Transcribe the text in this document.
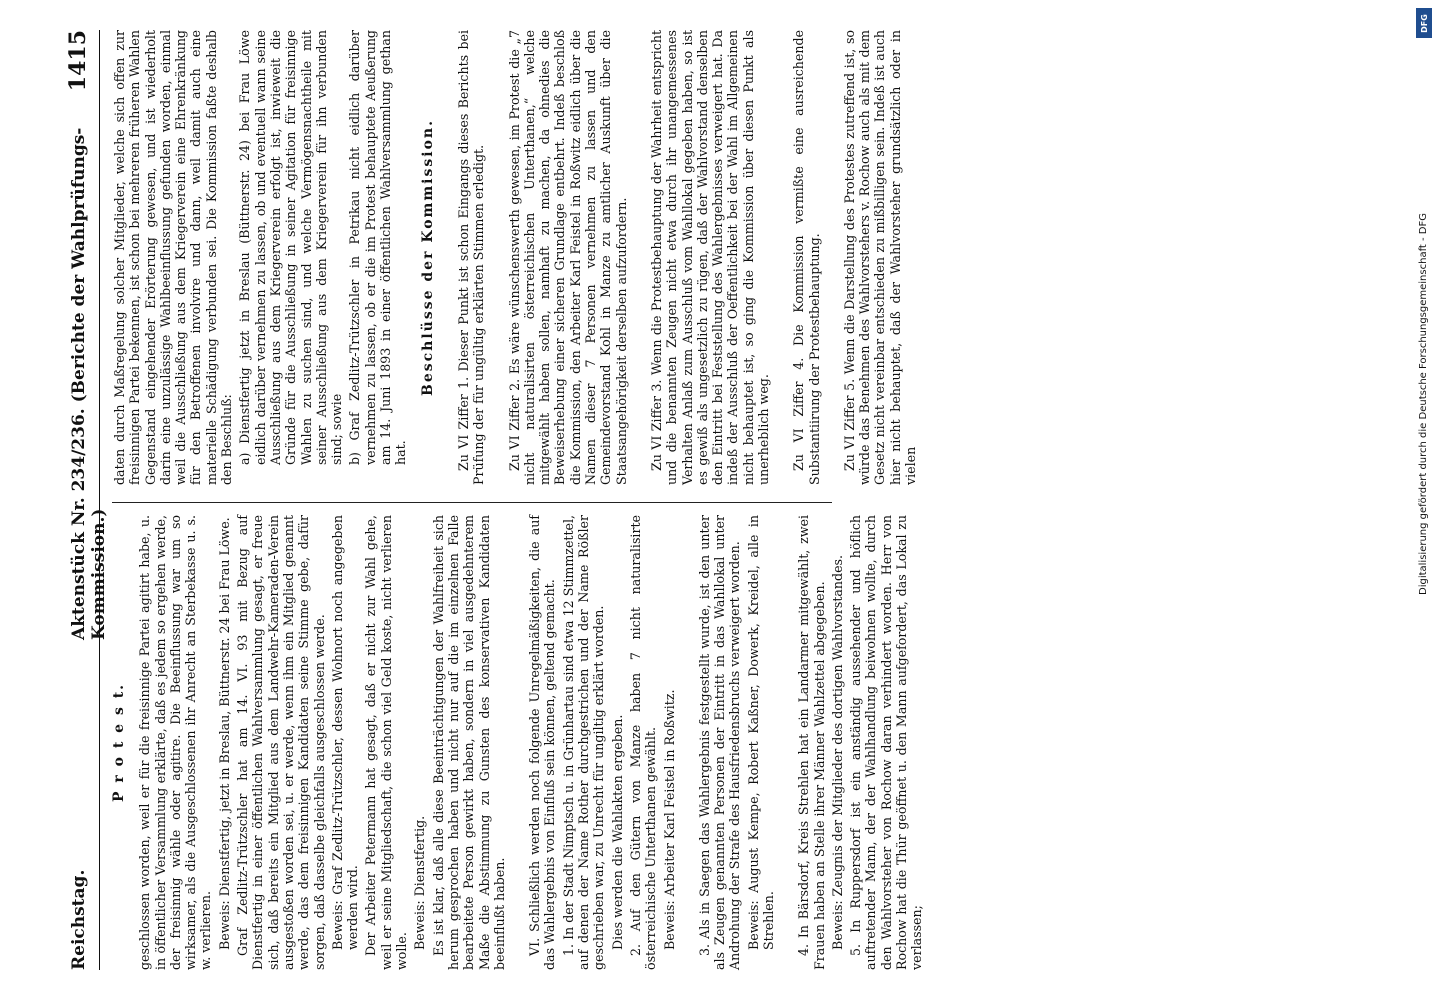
Reichstag.
Aktenstück Nr. 234/236. (Berichte der Wahlprüfungs-Kommission.)
1415
P r o t e s t. geschlossen worden, weil er für die freisinnige Partei agitirt habe, u. in öffentlicher Versammlung erklärte, daß es jedem so ergehen werde, der freisinnig wähle oder agitire. Die Beeinflussung war um so wirksamer, als die Ausgeschlossenen ihr Anrecht an Sterbekasse u. s. w. verlieren. Beweis: Dienstfertig, jetzt in Breslau, Büttnerstr. 24 bei Frau Löwe. Graf Zedlitz-Trützschler hat am 14. VI. 93 mit Bezug auf Dienstfertig in einer öffentlichen Wahlversammlung gesagt, er freue sich, daß bereits ein Mitglied aus dem Landwehr-Kameraden-Verein ausgestoßen worden sei, u. er werde, wenn ihm ein Mitglied genannt werde, das dem freisinnigen Kandidaten seine Stimme gebe, dafür sorgen, daß dasselbe gleichfalls ausgeschlossen werde. Beweis: Graf Zedlitz-Trützschler, dessen Wohnort noch angegeben werden wird. Der Arbeiter Petermann hat gesagt, daß er nicht zur Wahl gehe, weil er seine Mitgliedschaft, die schon viel Geld koste, nicht verlieren wolle.

Beweis: Dienstfertig. Es ist klar, daß alle diese Beeinträchtigungen der Wahlfreiheit sich herum gesprochen haben und nicht nur auf die im einzelnen Falle bearbeitete Person gewirkt haben, sondern in viel ausgedehnterem Maße die Abstimmung zu Gunsten des konservativen Kandidaten beeinflußt haben. VI. Schließlich werden noch folgende Unregelmäßigkeiten, die auf das Wahlergebnis von Einfluß sein können, geltend gemacht. 1. In der Stadt Nimptsch u. in Grünhartau sind etwa 12 Stimmzettel, auf denen der Name Rother durchgestrichen und der Name Rößler geschrieben war, zu Unrecht für ungiltig erklärt worden. Dies werden die Wahlakten ergeben. 2. Auf den Gütern von Manze haben 7 nicht naturalisirte österreichische Unterthanen gewählt. Beweis: Arbeiter Karl Feistel in Roßwitz. 3. Als in Saegen das Wahlergebnis festgestellt wurde, ist den unter als Zeugen genannten Personen der Eintritt in das Wahllokal unter Androhung der Strafe des Hausfriedensbruchs verweigert worden. Beweis: August Kempe, Robert Kaßner, Dowerk, Kreidel, alle in Strehlen. 4. In Bärsdorf, Kreis Strehlen hat ein Landarmer mitgewählt, zwei Frauen haben an Stelle ihrer Männer Wahlzettel abgegeben. Beweis: Zeugnis der Mitglieder des dortigen Wahlvorstandes. 5. In Ruppersdorf ist ein anständig aussehender und höflich auftretender Mann, der der Wahlhandlung beiwohnen wollte, durch den Wahlvorsteher von Rochow daran verhindert worden. Herr von Rochow hat die Thür geöffnet u. den Mann aufgefordert, das Lokal zu verlassen;

daten durch Maßregelung solcher Mitglieder, welche sich offen zur freisinnigen Partei bekennen, ist schon bei mehreren früheren Wahlen Gegenstand eingehender Erörterung gewesen, und ist wiederholt darin eine unzulässige Wahlbeeinflussung gefunden worden, einmal weil die Ausschließung aus dem Kriegerverein eine Ehrenkränkung für den Betroffenen involvire und dann, weil damit auch eine materielle Schädigung verbunden sei. Die Kommission faßte deshalb den Beschluß: a) Dienstfertig jetzt in Breslau (Büttnerstr. 24) bei Frau Löwe eidlich darüber vernehmen zu lassen, ob und eventuell wann seine Ausschließung aus dem Kriegerverein erfolgt ist, inwieweit die Gründe für die Ausschließung in seiner Agitation für freisinnige Wahlen zu suchen sind, und welche Vermögensnachtheile mit seiner Ausschließung aus dem Kriegerverein für ihn verbunden sind; sowie b) Graf Zedlitz-Trützschler in Petrikau nicht eidlich darüber vernehmen zu lassen, ob er die im Protest behauptete Aeußerung am 14. Juni 1893 in einer öffentlichen Wahlversammlung gethan hat.

Beschlüsse der Kommission. Zu VI Ziffer 1. Dieser Punkt ist schon Eingangs dieses Berichts bei Prüfung der für ungültig erklärten Stimmen erledigt. Zu VI Ziffer 2. Es wäre wünschenswerth gewesen, im Protest die „7 nicht naturalisirten österreichischen Unterthanen,“ welche mitgewählt haben sollen, namhaft zu machen, da ohnedies die Beweiserhebung einer sicheren Grundlage entbehrt. Indeß beschloß die Kommission, den Arbeiter Karl Feistel in Roßwitz eidlich über die Namen dieser 7 Personen vernehmen zu lassen und den Gemeindevorstand Kohl in Manze zu amtlicher Auskunft über die Staatsangehörigkeit derselben aufzufordern. Zu VI Ziffer 3. Wenn die Protestbehauptung der Wahrheit entspricht und die benannten Zeugen nicht etwa durch ihr unangemessenes Verhalten Anlaß zum Ausschluß vom Wahllokal gegeben haben, so ist es gewiß als ungesetzlich zu rügen, daß der Wahlvorstand denselben den Eintritt bei Feststellung des Wahlergebnisses verweigert hat. Da indeß der Ausschluß der Oeffentlichkeit bei der Wahl im Allgemeinen nicht behauptet ist, so ging die Kommission über diesen Punkt als unerheblich weg. Zu VI Ziffer 4. Die Kommission vermißte eine ausreichende Substantiirung der Protestbehauptung. Zu VI Ziffer 5. Wenn die Darstellung des Protestes zutreffend ist, so würde das Benehmen des Wahlvorstehers v. Rochow auch als mit dem Gesetz nicht vereinbar entschieden zu mißbilligen sein. Indeß ist auch hier nicht behauptet, daß der Wahlvorsteher grundsätzlich oder in vielen

DFG
Digitalisierung gefördert durch die Deutsche Forschungsgemeinschaft - DFG
